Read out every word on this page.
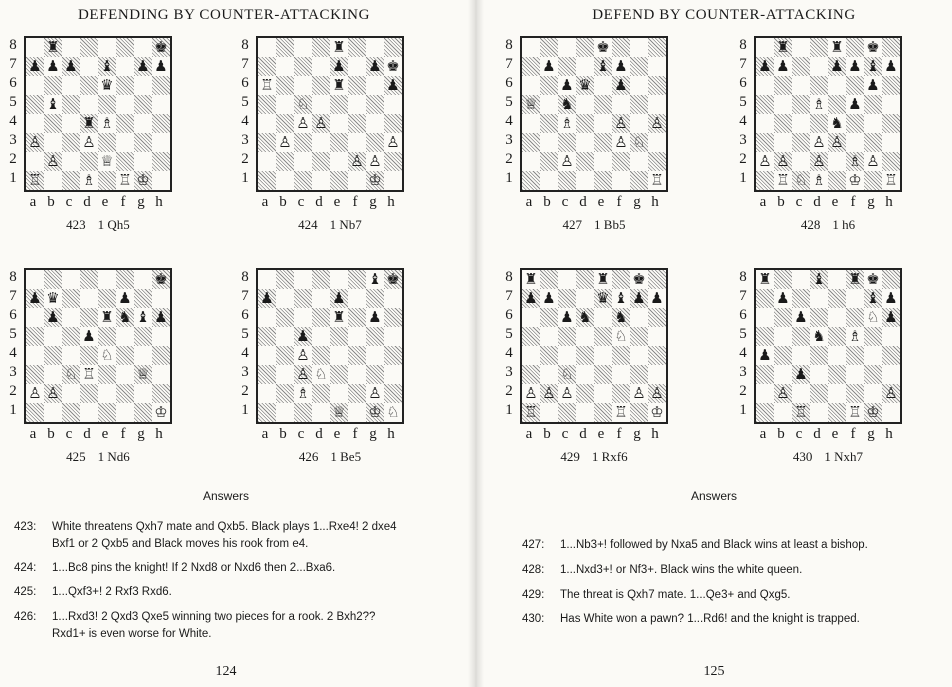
DEFENDING BY COUNTER-ATTACKING
8
7
6
5
4
3
2
1
♜	♚
♟ ♟ ♟ ♝ ♟ ♟
♛
♝
♜ ♗
♙	♙
♙	♕
♖	♗ ♖ ♔
a b c d e f g h
423 1 Qh5
8
7
6
5
4
3
2
1
♜
♟ ♟ ♚
♖	♜	♟
♘
♙ ♙
♙	♙
♙ ♙
♔
a b c d e f g h
424 1 Nb7
8
7
6
5
4
3
2
1
♚
♟ ♛	♟
♟	♜ ♞ ♝ ♟
♟
♘
♘ ♖	♕
♙ ♙
♔
a b c d e f g h
425 1 Nd6
8
7
6
5
4
3
2
1
♝ ♚
♟	♟
♜ ♟
♟
♙
♙ ♘
♗	♙
♕ ♔ ♘
a b c d e f g h
426 1 Be5
Answers
423: White threatens Qxh7 mate and Qxb5. Black plays 1...Rxe4! 2 dxe4
Bxf1 or 2 Qxb5 and Black moves his rook from e4.
424: 1...Bc8 pins the knight! If 2 Nxd8 or Nxd6 then 2...Bxa6.
425: 1...Qxf3+! 2 Rxf3 Rxd6.
426: 1...Rxd3! 2 Qxd3 Qxe5 winning two pieces for a rook. 2 Bxh2??
Rxd1+ is even worse for White.
124
DEFEND BY COUNTER-ATTACKING
8
7
6
5
4
3
2
1
♚
♟	♝ ♟
♟ ♛ ♟
♕ ♞
♗	♙ ♙
♙ ♘
♙
♖
a b c d e f g h
427 1 Bb5
8
7
6
5
4
3
2
1
♜	♜ ♚
♟ ♟	♟ ♟ ♝ ♟
♟
♗ ♟
♞
♙ ♙
♙ ♙ ♙ ♗ ♙
♖ ♘ ♗ ♔ ♖
a b c d e f g h
428 1 h6
8
7
6
5
4
3
2
1
♜	♜ ♚
♟ ♟	♛ ♝ ♟ ♟
♟ ♞ ♞
♘
♘
♙ ♙ ♙	♙ ♙
♖	♖ ♔
a b c d e f g h
429 1 Rxf6
8
7
6
5
4
3
2
1
♜	♝ ♜ ♚
♟	♝ ♟
♟	♘ ♟
♞ ♗
♟
♟
♙	♙
♖	♖ ♔
a b c d e f g h
430 1 Nxh7
Answers
427: 1...Nb3+! followed by Nxa5 and Black wins at least a bishop.
428: 1...Nxd3+! or Nf3+. Black wins the white queen.
429: The threat is Qxh7 mate. 1...Qe3+ and Qxg5.
430: Has White won a pawn? 1...Rd6! and the knight is trapped.
125
